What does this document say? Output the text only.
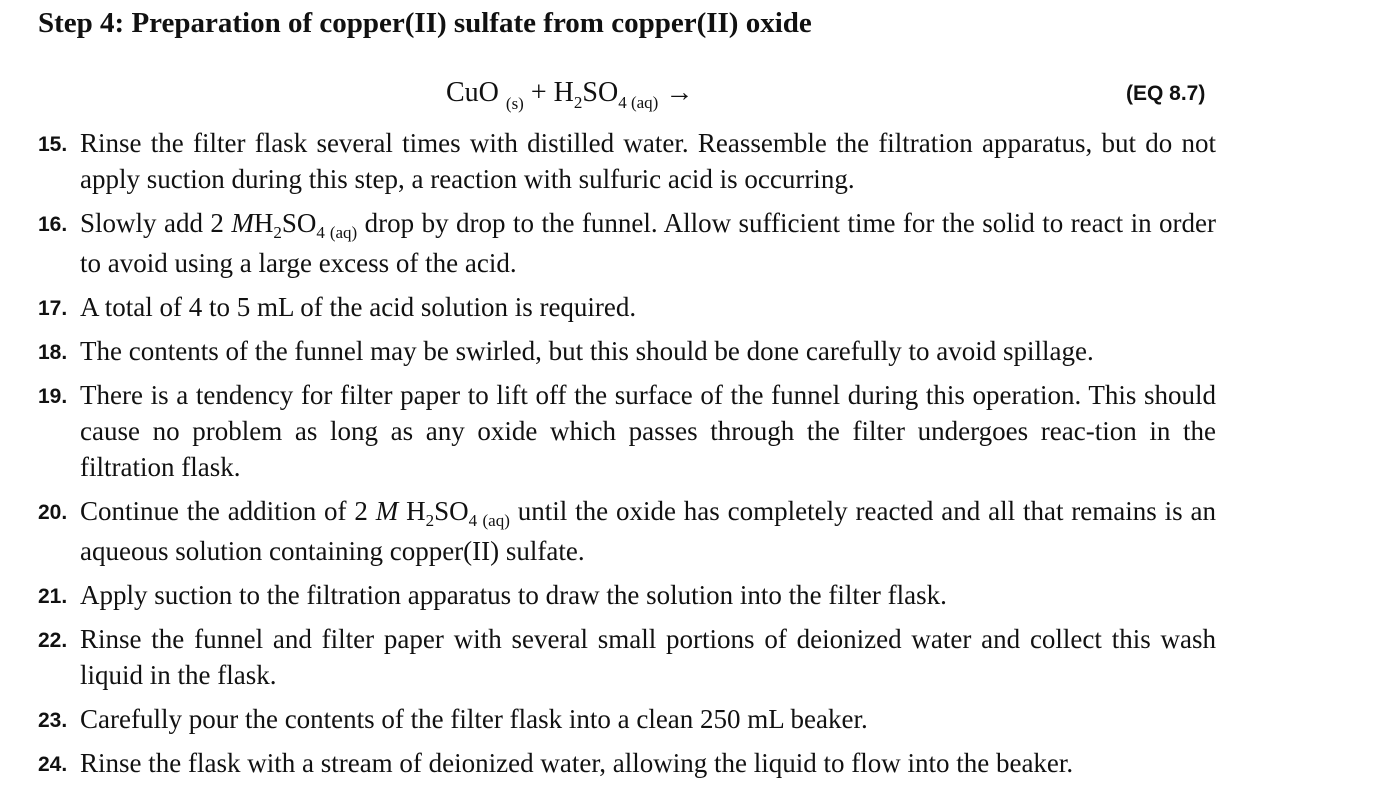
Step 4: Preparation of copper(II) sulfate from copper(II) oxide
CuO $_{(s)} + H_2SO_{4 (aq)}$ →	(EQ 8.7)
15. Rinse the filter flask several times with distilled water. Reassemble the filtration apparatus, but do not apply suction during this step, a reaction with sulfuric acid is occurring.
16. Slowly add 2 $MH_2SO_{4 (aq)}$ drop by drop to the funnel. Allow sufficient time for the solid to react in order to avoid using a large excess of the acid.
17. A total of 4 to 5 mL of the acid solution is required.
18. The contents of the funnel may be swirled, but this should be done carefully to avoid spillage.
19. There is a tendency for filter paper to lift off the surface of the funnel during this operation. This should cause no problem as long as any oxide which passes through the filter undergoes reac-tion in the filtration flask.
20. Continue the addition of 2 M $H_2SO_{4 (aq)}$ until the oxide has completely reacted and all that remains is an aqueous solution containing copper(II) sulfate.
21. Apply suction to the filtration apparatus to draw the solution into the filter flask.
22. Rinse the funnel and filter paper with several small portions of deionized water and collect this wash liquid in the flask.
23. Carefully pour the contents of the filter flask into a clean 250 mL beaker.
24. Rinse the flask with a stream of deionized water, allowing the liquid to flow into the beaker.
